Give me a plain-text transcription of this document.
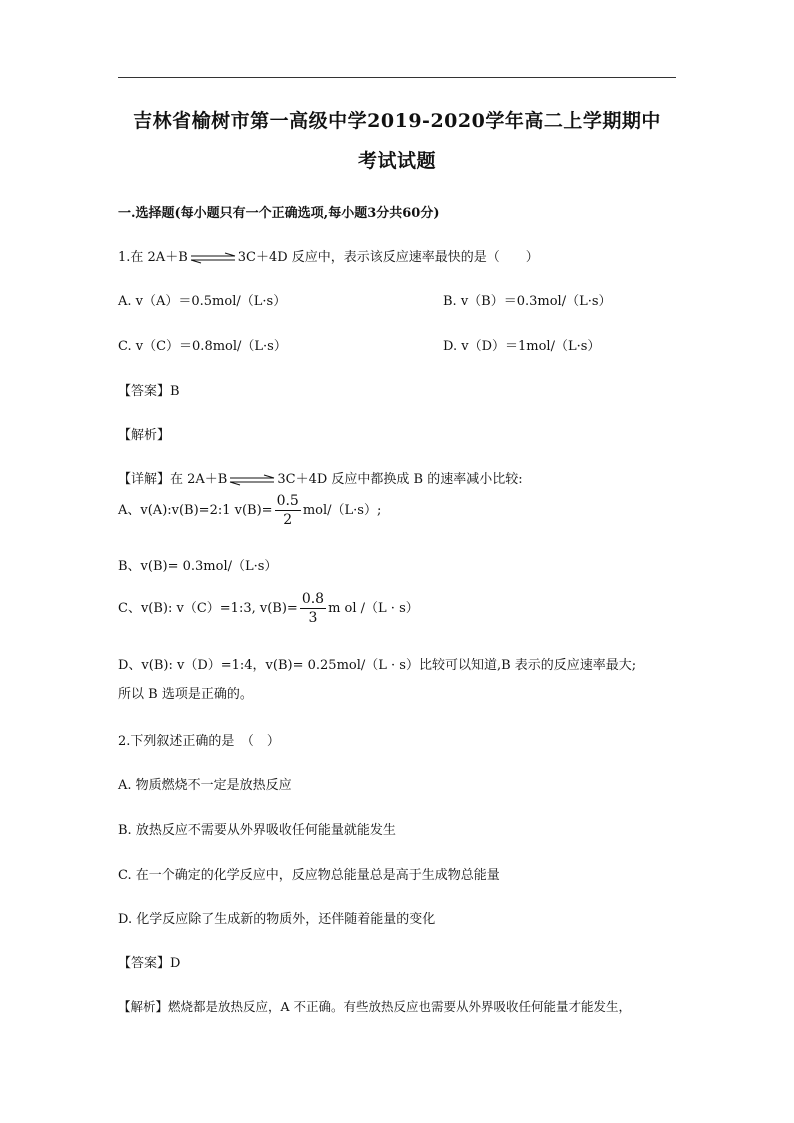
吉林省榆树市第一高级中学2019-2020学年高二上学期期中
考试试题
一.选择题(每小题只有一个正确选项,每小题3分共60分)
1.在 2A＋B⇌3C＋4D 反应中，表示该反应速率最快的是（　　）
A. v（A）＝0.5mol/（L·s）	B. v（B）＝0.3mol/（L·s）
C. v（C）＝0.8mol/（L·s）	D. v（D）＝1mol/（L·s）
【答案】B
【解析】
【详解】在 2A＋B⇌3C＋4D 反应中都换成 B 的速率减小比较:
A、v(A):v(B)=2:1 $v(B)= \frac{0.5}{2} mol/(L\cdot s)$;
B、v(B)= 0.3mol/（L·s）
C、v(B): v（C）=1:3, $v(B)= \frac{0.8}{3}$ m ol /（L · s）
D、v(B): v（D）=1:4，v(B)= 0.25mol/（L · s）比较可以知道,B 表示的反应速率最大;
所以 B 选项是正确的。
2.下列叙述正确的是　（　）
A. 物质燃烧不一定是放热反应
B. 放热反应不需要从外界吸收任何能量就能发生
C. 在一个确定的化学反应中，反应物总能量总是高于生成物总能量
D. 化学反应除了生成新的物质外，还伴随着能量的变化
【答案】D
【解析】燃烧都是放热反应，A 不正确。有些放热反应也需要从外界吸收任何能量才能发生，
